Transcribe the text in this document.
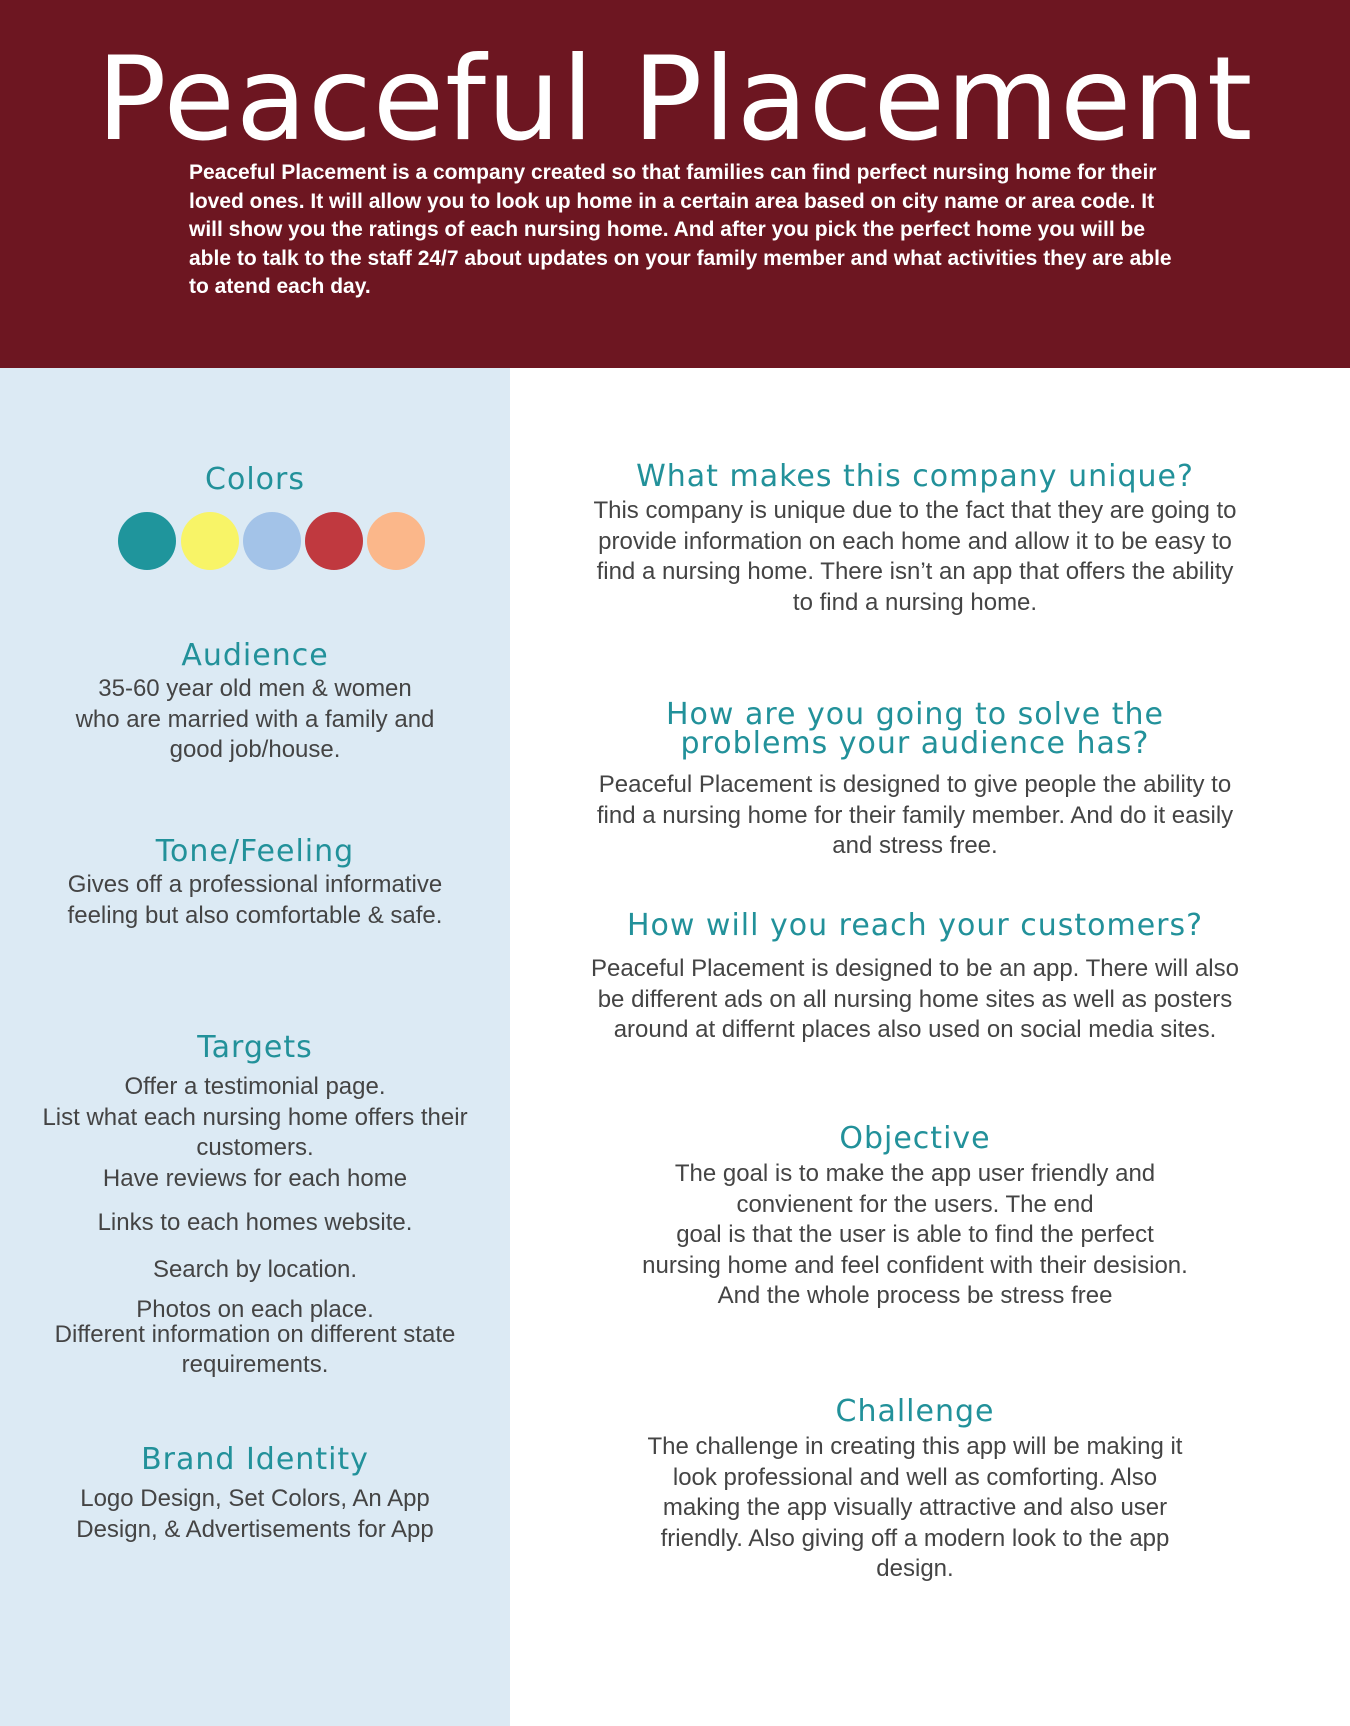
Peaceful Placement

Peaceful Placement is a company created so that families can find perfect nursing home for their loved ones. It will allow you to look up home in a certain area based on city name or area code. It will show you the ratings of each nursing home. And after you pick the perfect home you will be able to talk to the staff 24/7 about updates on your family member and what activities they are able to atend each day.

Colors
Audience

35-60 year old men & women
who are married with a family and
good job/house.

Tone/Feeling

Gives off a professional informative
feeling but also comfortable & safe.

Targets
Offer a testimonial page.
List what each nursing home offers their
customers.
Have reviews for each home
Links to each homes website.
Search by location.
Photos on each place.
Different information on different state
requirements.
Brand Identity

Logo Design, Set Colors, An App
Design, & Advertisements for App

What makes this company unique?

This company is unique due to the fact that they are going to
provide information on each home and allow it to be easy to
find a nursing home. There isn’t an app that offers the ability
to find a nursing home.

How are you going to solve the
problems your audience has?

Peaceful Placement is designed to give people the ability to
find a nursing home for their family member. And do it easily
and stress free.

How will you reach your customers?

Peaceful Placement is designed to be an app. There will also
be different ads on all nursing home sites as well as posters
around at differnt places also used on social media sites.

Objective

The goal is to make the app user friendly and
convienent for the users. The end
goal is that the user is able to find the perfect
nursing home and feel confident with their desision.
And the whole process be stress free

Challenge

The challenge in creating this app will be making it
look professional and well as comforting. Also
making the app visually attractive and also user
friendly. Also giving off a modern look to the app
design.
